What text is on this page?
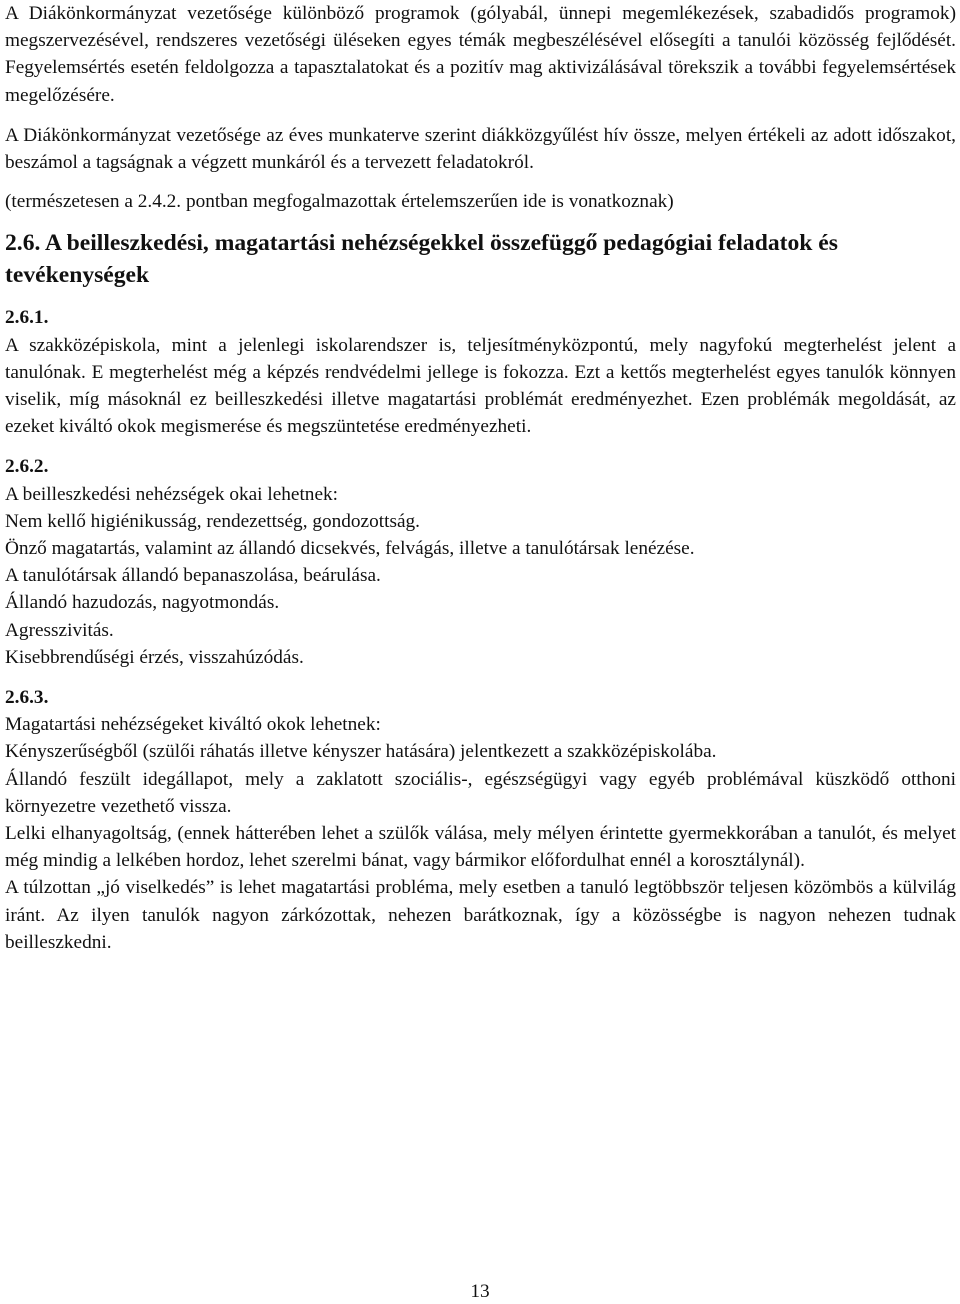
A Diákönkormányzat vezetősége különböző programok (gólyabál, ünnepi megemlékezések, szabadidős programok) megszervezésével, rendszeres vezetőségi üléseken egyes témák megbeszélésével elősegíti a tanulói közösség fejlődését. Fegyelemsértés esetén feldolgozza a tapasztalatokat és a pozitív mag aktivizálásával törekszik a további fegyelemsértések megelőzésére.

A Diákönkormányzat vezetősége az éves munkaterve szerint diákközgyűlést hív össze, melyen értékeli az adott időszakot, beszámol a tagságnak a végzett munkáról és a tervezett feladatokról.

(természetesen a 2.4.2. pontban megfogalmazottak értelemszerűen ide is vonatkoznak)

2.6. A beilleszkedési, magatartási nehézségekkel összefüggő pedagógiai feladatok és tevékenységek
2.6.1.

A szakközépiskola, mint a jelenlegi iskolarendszer is, teljesítményközpontú, mely nagyfokú megterhelést jelent a tanulónak. E megterhelést még a képzés rendvédelmi jellege is fokozza. Ezt a kettős megterhelést egyes tanulók könnyen viselik, míg másoknál ez beilleszkedési illetve magatartási problémát eredményezhet. Ezen problémák megoldását, az ezeket kiváltó okok megismerése és megszüntetése eredményezheti.

2.6.2.
A beilleszkedési nehézségek okai lehetnek:
Nem kellő higiénikusság, rendezettség, gondozottság.
Önző magatartás, valamint az állandó dicsekvés, felvágás, illetve a tanulótársak lenézése.
A tanulótársak állandó bepanaszolása, beárulása.
Állandó hazudozás, nagyotmondás.
Agresszivitás.
Kisebbrendűségi érzés, visszahúzódás.
2.6.3.
Magatartási nehézségeket kiváltó okok lehetnek:
Kényszerűségből (szülői ráhatás illetve kényszer hatására) jelentkezett a szakközépiskolába.

Állandó feszült idegállapot, mely a zaklatott szociális-, egészségügyi vagy egyéb problémával küszködő otthoni környezetre vezethető vissza.

Lelki elhanyagoltság, (ennek hátterében lehet a szülők válása, mely mélyen érintette gyermekkorában a tanulót, és melyet még mindig a lelkében hordoz, lehet szerelmi bánat, vagy bármikor előfordulhat ennél a korosztálynál).

A túlzottan „jó viselkedés” is lehet magatartási probléma, mely esetben a tanuló legtöbbször teljesen közömbös a külvilág iránt. Az ilyen tanulók nagyon zárkózottak, nehezen barátkoznak, így a közösségbe is nagyon nehezen tudnak beilleszkedni.

13
